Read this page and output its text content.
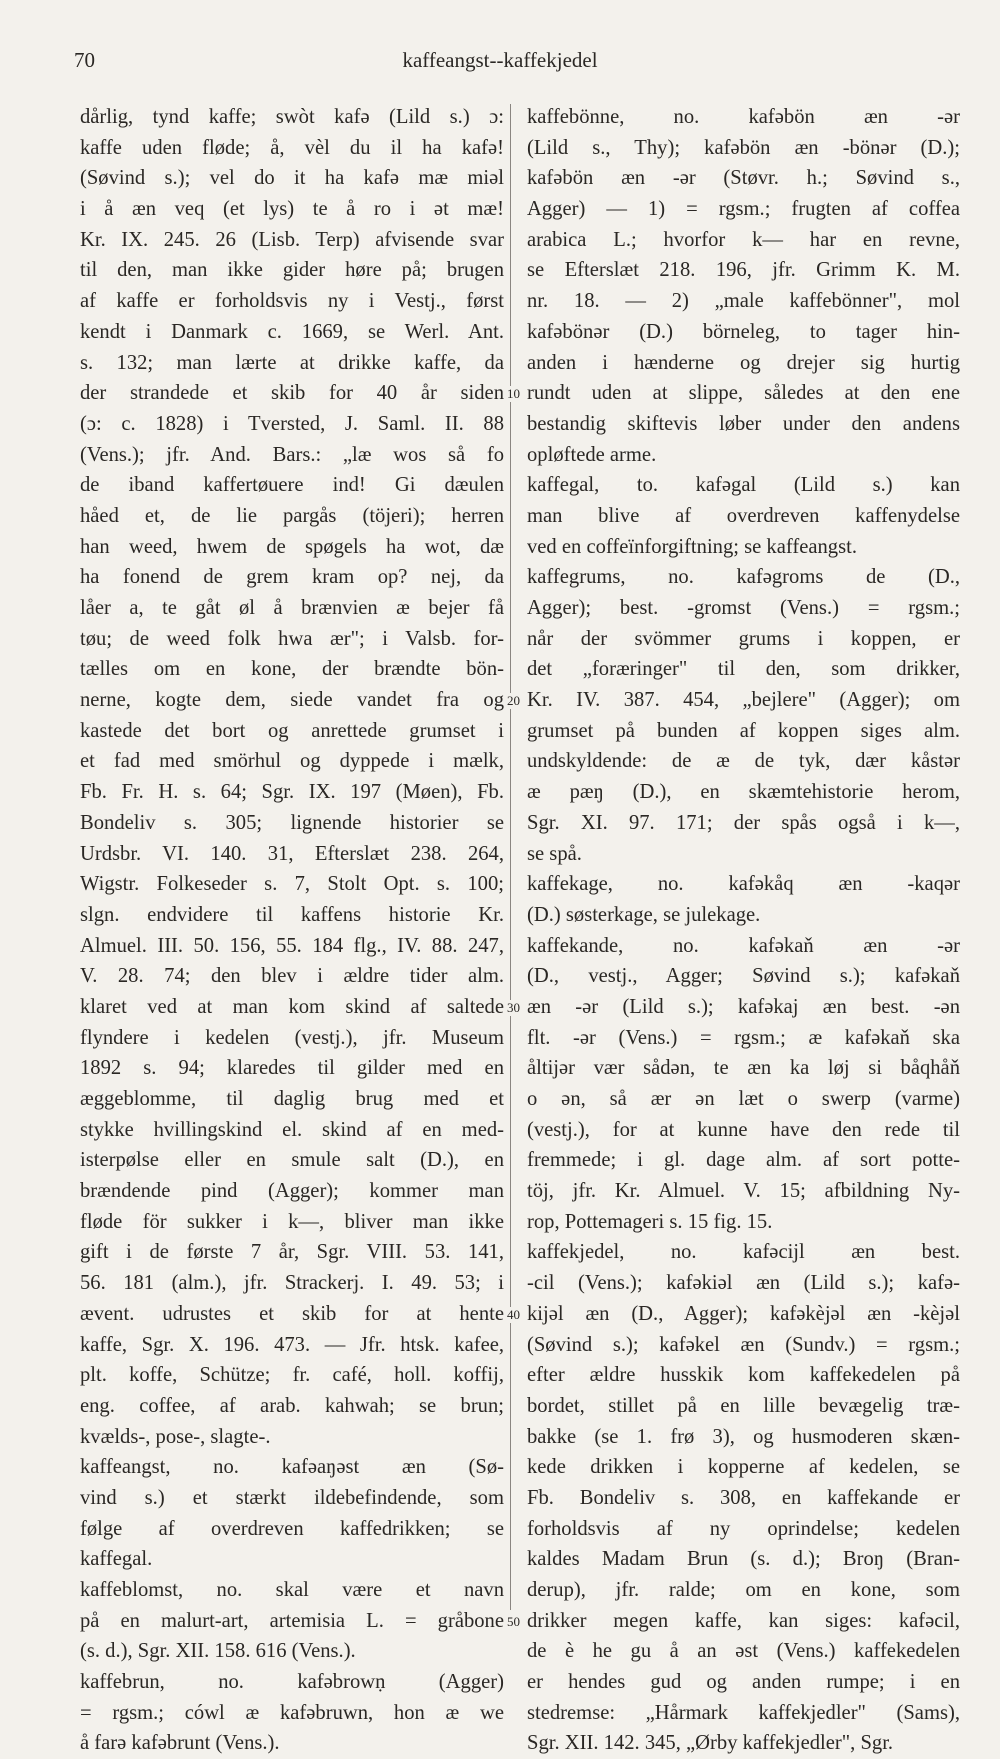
70	kaffeangst--kaffekjedel
dårlig, tynd kaffe; swòt kafə (Lild s.) ɔ:
kaffe uden fløde; å, vèl du il ha kafə!
(Søvind s.); vel do it ha kafə mæ miəl
i å æn veq (et lys) te å ro i ət mæ!
Kr. IX. 245. 26 (Lisb. Terp) afvisende svar
til den, man ikke gider høre på; brugen
af kaffe er forholdsvis ny i Vestj., først
kendt i Danmark c. 1669, se Werl. Ant.
s. 132; man lærte at drikke kaffe, da
der strandede et skib for 40 år siden
(ɔ: c. 1828) i Tversted, J. Saml. II. 88
(Vens.); jfr. And. Bars.: „læ wos så fo
de iband kaffertøuere ind! Gi dæulen
håed et, de lie pargås (töjeri); herren
han weed, hwem de spøgels ha wot, dæ
ha fonend de grem kram op? nej, da
låer a, te gåt øl å brænvien æ bejer få
tøu; de weed folk hwa ær"; i Valsb. for-
tælles om en kone, der brændte bön-
nerne, kogte dem, siede vandet fra og
kastede det bort og anrettede grumset i
et fad med smörhul og dyppede i mælk,
Fb. Fr. H. s. 64; Sgr. IX. 197 (Møen), Fb.
Bondeliv s. 305; lignende historier se
Urdsbr. VI. 140. 31, Efterslæt 238. 264,
Wigstr. Folkeseder s. 7, Stolt Opt. s. 100;
slgn. endvidere til kaffens historie Kr.
Almuel. III. 50. 156, 55. 184 flg., IV. 88. 247,
V. 28. 74; den blev i ældre tider alm.
klaret ved at man kom skind af saltede
flyndere i kedelen (vestj.), jfr. Museum
1892 s. 94; klaredes til gilder med en
æggeblomme, til daglig brug med et
stykke hvillingskind el. skind af en med-
isterpølse eller en smule salt (D.), en
brændende pind (Agger); kommer man
fløde för sukker i k—, bliver man ikke
gift i de første 7 år, Sgr. VIII. 53. 141,
56. 181 (alm.), jfr. Strackerj. I. 49. 53; i
ævent. udrustes et skib for at hente
kaffe, Sgr. X. 196. 473. — Jfr. htsk. kafee,
plt. koffe, Schütze; fr. café, holl. koffij,
eng. coffee, af arab. kahwah; se brun;
kvælds-, pose-, slagte-.
kaffeangst, no. kafəaŋəst æn (Sø-
vind s.) et stærkt ildebefindende, som
følge af overdreven kaffedrikken; se
kaffegal.
kaffeblomst, no. skal være et navn
på en malurt-art, artemisia L. = gråbone
(s. d.), Sgr. XII. 158. 616 (Vens.).
kaffebrun, no. kafəbrowṇ (Agger)
= rgsm.; cówl æ kafəbruwn, hon æ we
å farə kafəbrunt (Vens.).
kaffebönne, no. kafəbön æn -ər
(Lild s., Thy); kafəbön æn -bönər (D.);
kafəbön æn -ər (Støvr. h.; Søvind s.,
Agger) — 1) = rgsm.; frugten af coffea
arabica L.; hvorfor k— har en revne,
se Efterslæt 218. 196, jfr. Grimm K. M.
nr. 18. — 2) „male kaffebönner", mol
kafəbönər (D.) börneleg, to tager hin-
anden i hænderne og drejer sig hurtig
rundt uden at slippe, således at den ene
bestandig skiftevis løber under den andens
opløftede arme.
kaffegal, to. kafəgal (Lild s.) kan
man blive af overdreven kaffenydelse
ved en coffeïnforgiftning; se kaffeangst.
kaffegrums, no. kafəgroms de (D.,
Agger); best. -gromst (Vens.) = rgsm.;
når der svömmer grums i koppen, er
det „foræringer" til den, som drikker,
Kr. IV. 387. 454, „bejlere" (Agger); om
grumset på bunden af koppen siges alm.
undskyldende: de æ de tyk, dær kåstər
æ pæŋ (D.), en skæmtehistorie herom,
Sgr. XI. 97. 171; der spås også i k—,
se spå.
kaffekage, no. kafəkåq æn -kaqər
(D.) søsterkage, se julekage.
kaffekande, no. kafəkaň æn -ər
(D., vestj., Agger; Søvind s.); kafəkaň
æn -ər (Lild s.); kafəkaj æn best. -ən
flt. -ər (Vens.) = rgsm.; æ kafəkaň ska
åltijər vær sådən, te æn ka løj si båqhåň
o ən, så ær ən læt o swerp (varme)
(vestj.), for at kunne have den rede til
fremmede; i gl. dage alm. af sort potte-
töj, jfr. Kr. Almuel. V. 15; afbildning Ny-
rop, Pottemageri s. 15 fig. 15.
kaffekjedel, no. kafəcijl æn best.
-cil (Vens.); kafəkiəl æn (Lild s.); kafə-
kijəl æn (D., Agger); kafəkèjəl æn -kèjəl
(Søvind s.); kafəkel æn (Sundv.) = rgsm.;
efter ældre husskik kom kaffekedelen på
bordet, stillet på en lille bevægelig træ-
bakke (se 1. frø 3), og husmoderen skæn-
kede drikken i kopperne af kedelen, se
Fb. Bondeliv s. 308, en kaffekande er
forholdsvis af ny oprindelse; kedelen
kaldes Madam Brun (s. d.); Broŋ (Bran-
derup), jfr. ralde; om en kone, som
drikker megen kaffe, kan siges: kafəcil,
de è he gu å an əst (Vens.) kaffekedelen
er hendes gud og anden rumpe; i en
stedremse: „Hårmark kaffekjedler" (Sams),
Sgr. XII. 142. 345, „Ørby kaffekjedler", Sgr.
10
20
30
40
50
